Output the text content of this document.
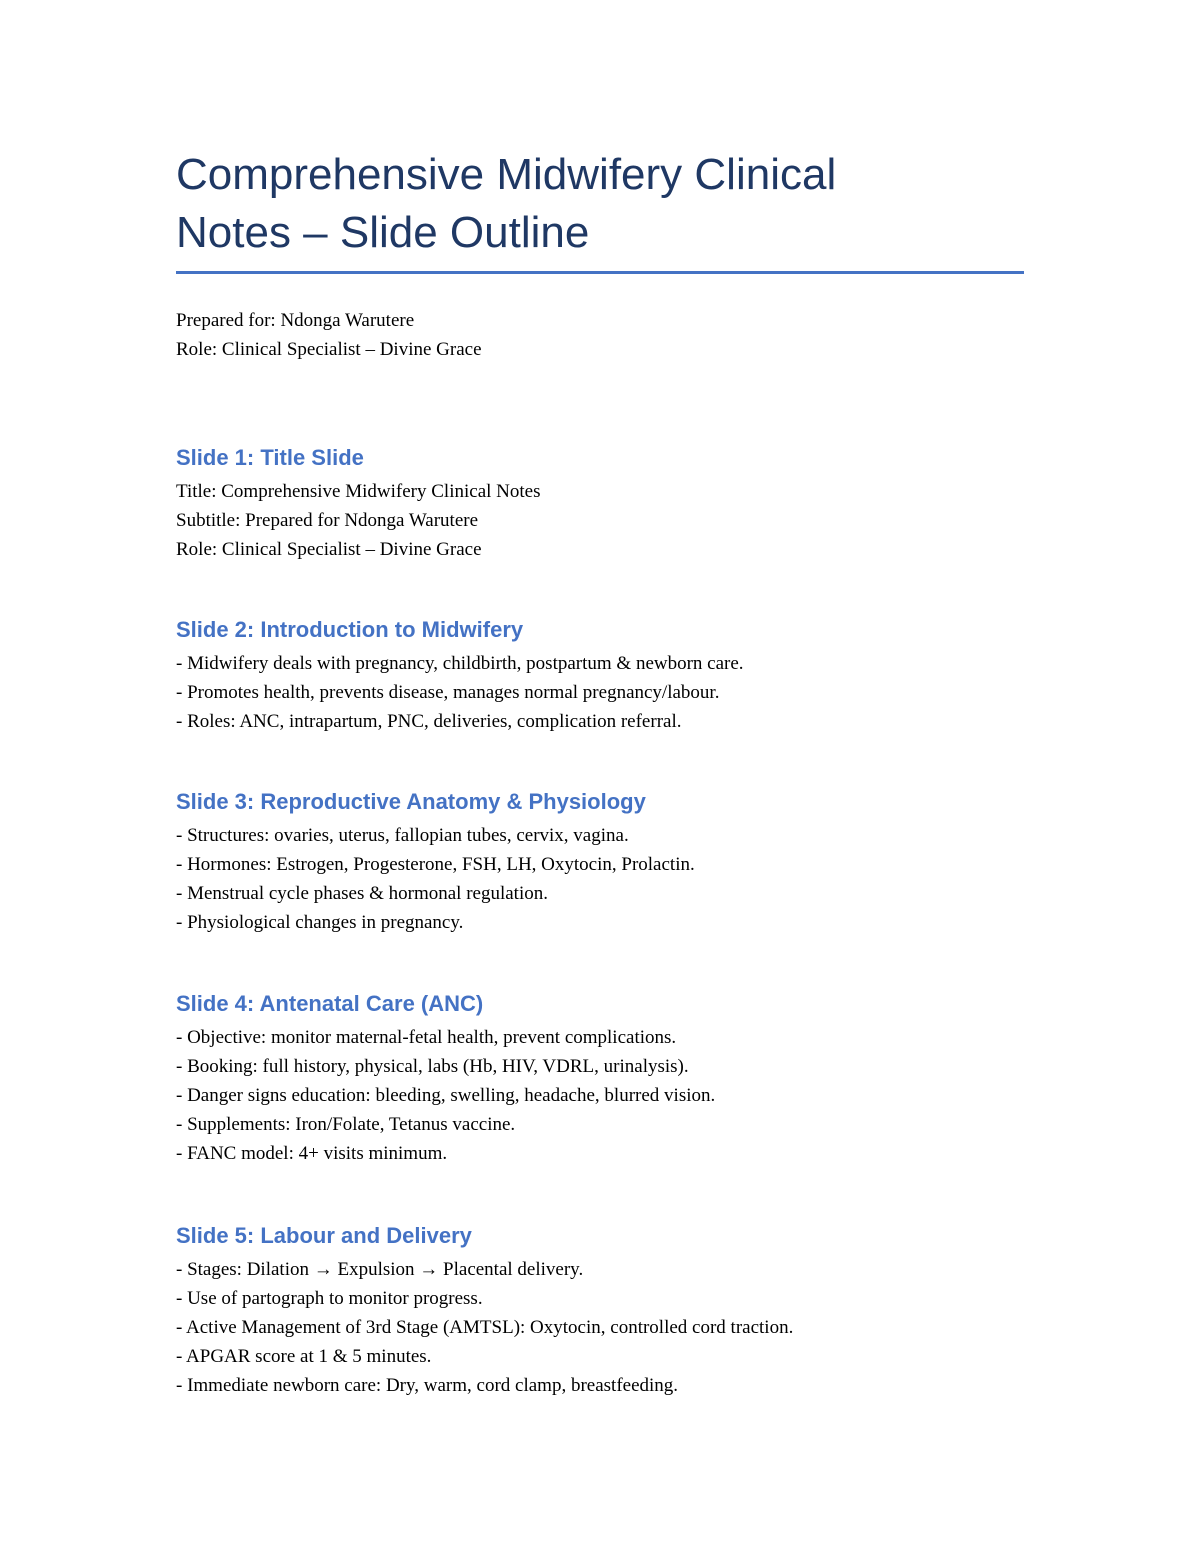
Comprehensive Midwifery Clinical
Notes – Slide Outline
Prepared for: Ndonga Warutere
Role: Clinical Specialist – Divine Grace
Slide 1: Title Slide
Title: Comprehensive Midwifery Clinical Notes
Subtitle: Prepared for Ndonga Warutere
Role: Clinical Specialist – Divine Grace
Slide 2: Introduction to Midwifery
- Midwifery deals with pregnancy, childbirth, postpartum & newborn care.
- Promotes health, prevents disease, manages normal pregnancy/labour.
- Roles: ANC, intrapartum, PNC, deliveries, complication referral.
Slide 3: Reproductive Anatomy & Physiology
- Structures: ovaries, uterus, fallopian tubes, cervix, vagina.
- Hormones: Estrogen, Progesterone, FSH, LH, Oxytocin, Prolactin.
- Menstrual cycle phases & hormonal regulation.
- Physiological changes in pregnancy.
Slide 4: Antenatal Care (ANC)
- Objective: monitor maternal-fetal health, prevent complications.
- Booking: full history, physical, labs (Hb, HIV, VDRL, urinalysis).
- Danger signs education: bleeding, swelling, headache, blurred vision.
- Supplements: Iron/Folate, Tetanus vaccine.
- FANC model: 4+ visits minimum.
Slide 5: Labour and Delivery
- Stages: Dilation → Expulsion → Placental delivery.
- Use of partograph to monitor progress.
- Active Management of 3rd Stage (AMTSL): Oxytocin, controlled cord traction.
- APGAR score at 1 & 5 minutes.
- Immediate newborn care: Dry, warm, cord clamp, breastfeeding.
